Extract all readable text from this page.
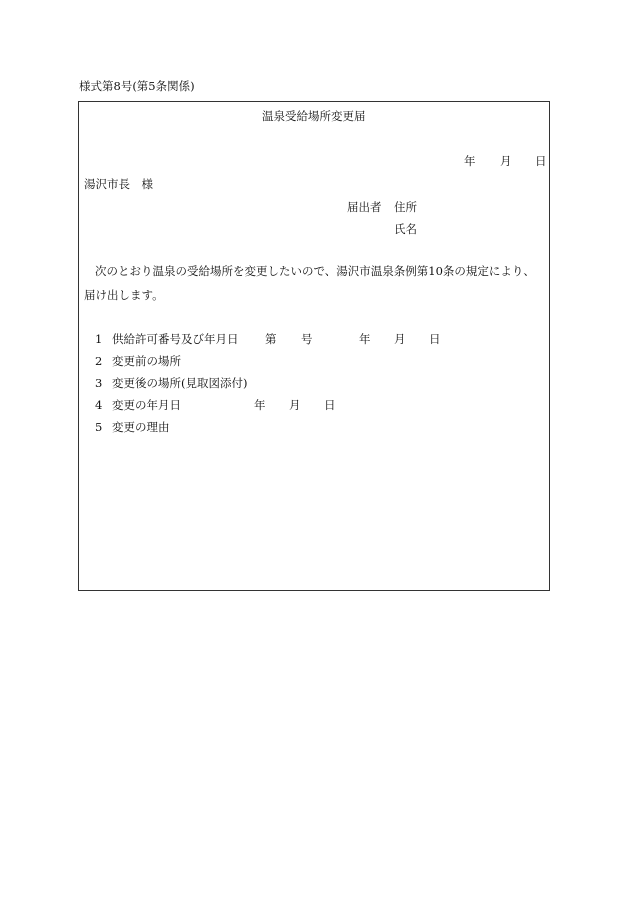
様式第8号(第5条関係)
温泉受給場所変更届
年 月 日
湯沢市長　様
届出者 住所
氏名
次のとおり温泉の受給場所を変更したいので、湯沢市温泉条例第10条の規定により、
届け出します。
1 供給許可番号及び年月日 第 号	年 月 日
2 変更前の場所
3 変更後の場所(見取図添付)
4 変更の年月日	年 月 日
5 変更の理由
